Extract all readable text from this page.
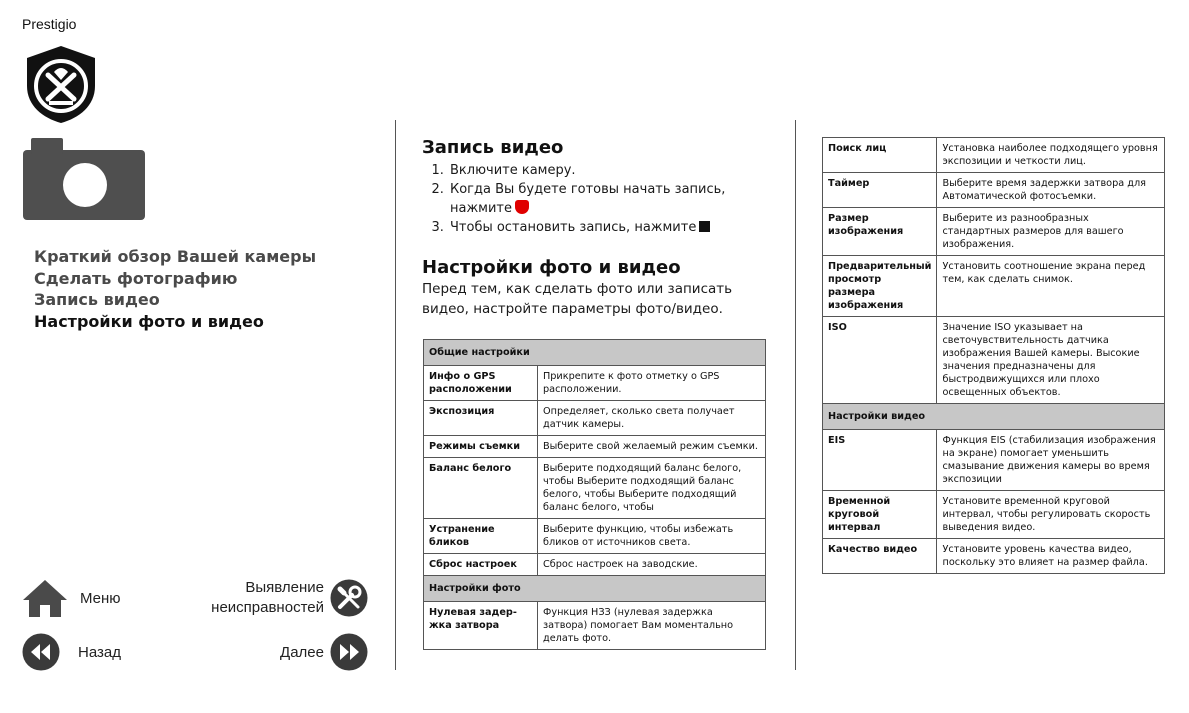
Prestigio
Краткий обзор Вашей камеры
Сделать фотографию
Запись видео
Настройки фото и видео
Меню
Выявление
неисправностей
Назад	Далее
Запись видео
1. Включите камеру.
2. Когда Вы будете готовы начать запись, нажмите
3. Чтобы остановить запись, нажмите
Настройки фото и видео
Перед тем, как сделать фото или записать видео, настройте параметры фото/видео.
Общие настройки	
Инфо о GPS расположении	Прикрепите к фото отметку о GPS расположении.
Экспозиция	Определяет, сколько света получает датчик камеры.
Режимы съемки	Выберите свой желаемый режим съемки.
Баланс белого	Выберите подходящий баланс белого, чтобы Выберите подходящий баланс белого, чтобы Выберите подходящий баланс белого, чтобы
Устранение бликов	Выберите функцию, чтобы избежать бликов от источников света.
Сброс настроек	Сброс настроек на заводские.
Настройки фото	
Нулевая задер-жка затвора	Функция НЗЗ (нулевая задержка затвора) помогает Вам моментально делать фото.
Поиск лиц	Установка наиболее подходящего уровня экспозиции и четкости лиц.
Таймер	Выберите время задержки затвора для Автоматической фотосъемки.
Размер изображения	Выберите из разнообразных стандартных размеров для вашего изображения.
Предварительный просмотр размера изображения	Установить соотношение экрана перед тем, как сделать снимок.
ISO	Значение ISO указывает на светочувствительность датчика изображения Вашей камеры. Высокие значения предназначены для быстродвижущихся или плохо освещенных объектов.
Настройки видео	
EIS	Функция EIS (стабилизация изображения на экране) помогает уменьшить смазывание движения камеры во время экспозиции
Временной круговой интервал	Установите временной круговой интервал, чтобы регулировать скорость выведения видео.
Качество видео	Установите уровень качества видео, поскольку это влияет на размер файла.
